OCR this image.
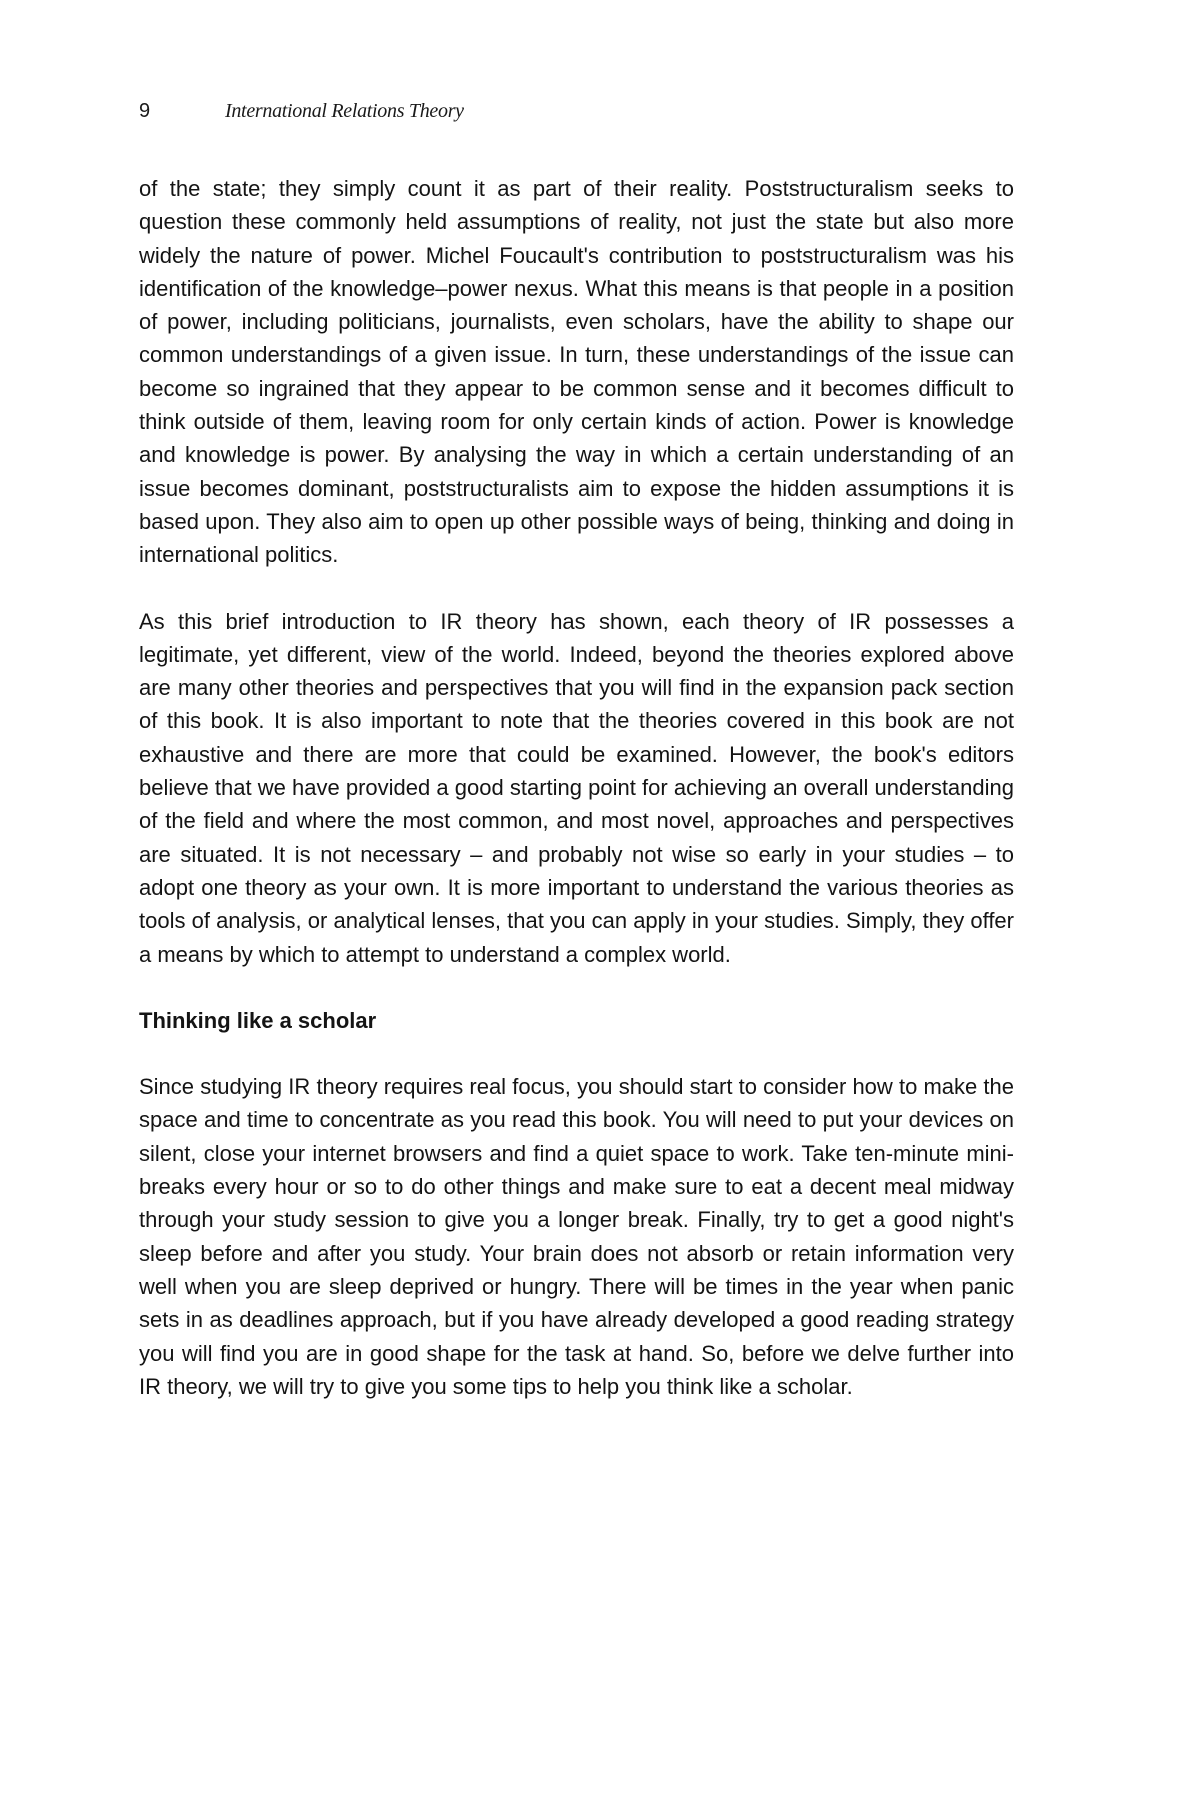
9	International Relations Theory

of the state; they simply count it as part of their reality. Poststructuralism seeks to question these commonly held assumptions of reality, not just the state but also more widely the nature of power. Michel Foucault's contribution to poststructuralism was his identification of the knowledge–power nexus. What this means is that people in a position of power, including politicians, journalists, even scholars, have the ability to shape our common understandings of a given issue. In turn, these understandings of the issue can become so ingrained that they appear to be common sense and it becomes difficult to think outside of them, leaving room for only certain kinds of action. Power is knowledge and knowledge is power. By analysing the way in which a certain understanding of an issue becomes dominant, poststructuralists aim to expose the hidden assumptions it is based upon. They also aim to open up other possible ways of being, thinking and doing in international politics.

As this brief introduction to IR theory has shown, each theory of IR possesses a legitimate, yet different, view of the world. Indeed, beyond the theories explored above are many other theories and perspectives that you will find in the expansion pack section of this book. It is also important to note that the theories covered in this book are not exhaustive and there are more that could be examined. However, the book's editors believe that we have provided a good starting point for achieving an overall understanding of the field and where the most common, and most novel, approaches and perspectives are situated. It is not necessary – and probably not wise so early in your studies – to adopt one theory as your own. It is more important to understand the various theories as tools of analysis, or analytical lenses, that you can apply in your studies. Simply, they offer a means by which to attempt to understand a complex world.

Thinking like a scholar

Since studying IR theory requires real focus, you should start to consider how to make the space and time to concentrate as you read this book. You will need to put your devices on silent, close your internet browsers and find a quiet space to work. Take ten-minute mini-breaks every hour or so to do other things and make sure to eat a decent meal midway through your study session to give you a longer break. Finally, try to get a good night's sleep before and after you study. Your brain does not absorb or retain information very well when you are sleep deprived or hungry. There will be times in the year when panic sets in as deadlines approach, but if you have already developed a good reading strategy you will find you are in good shape for the task at hand. So, before we delve further into IR theory, we will try to give you some tips to help you think like a scholar.
